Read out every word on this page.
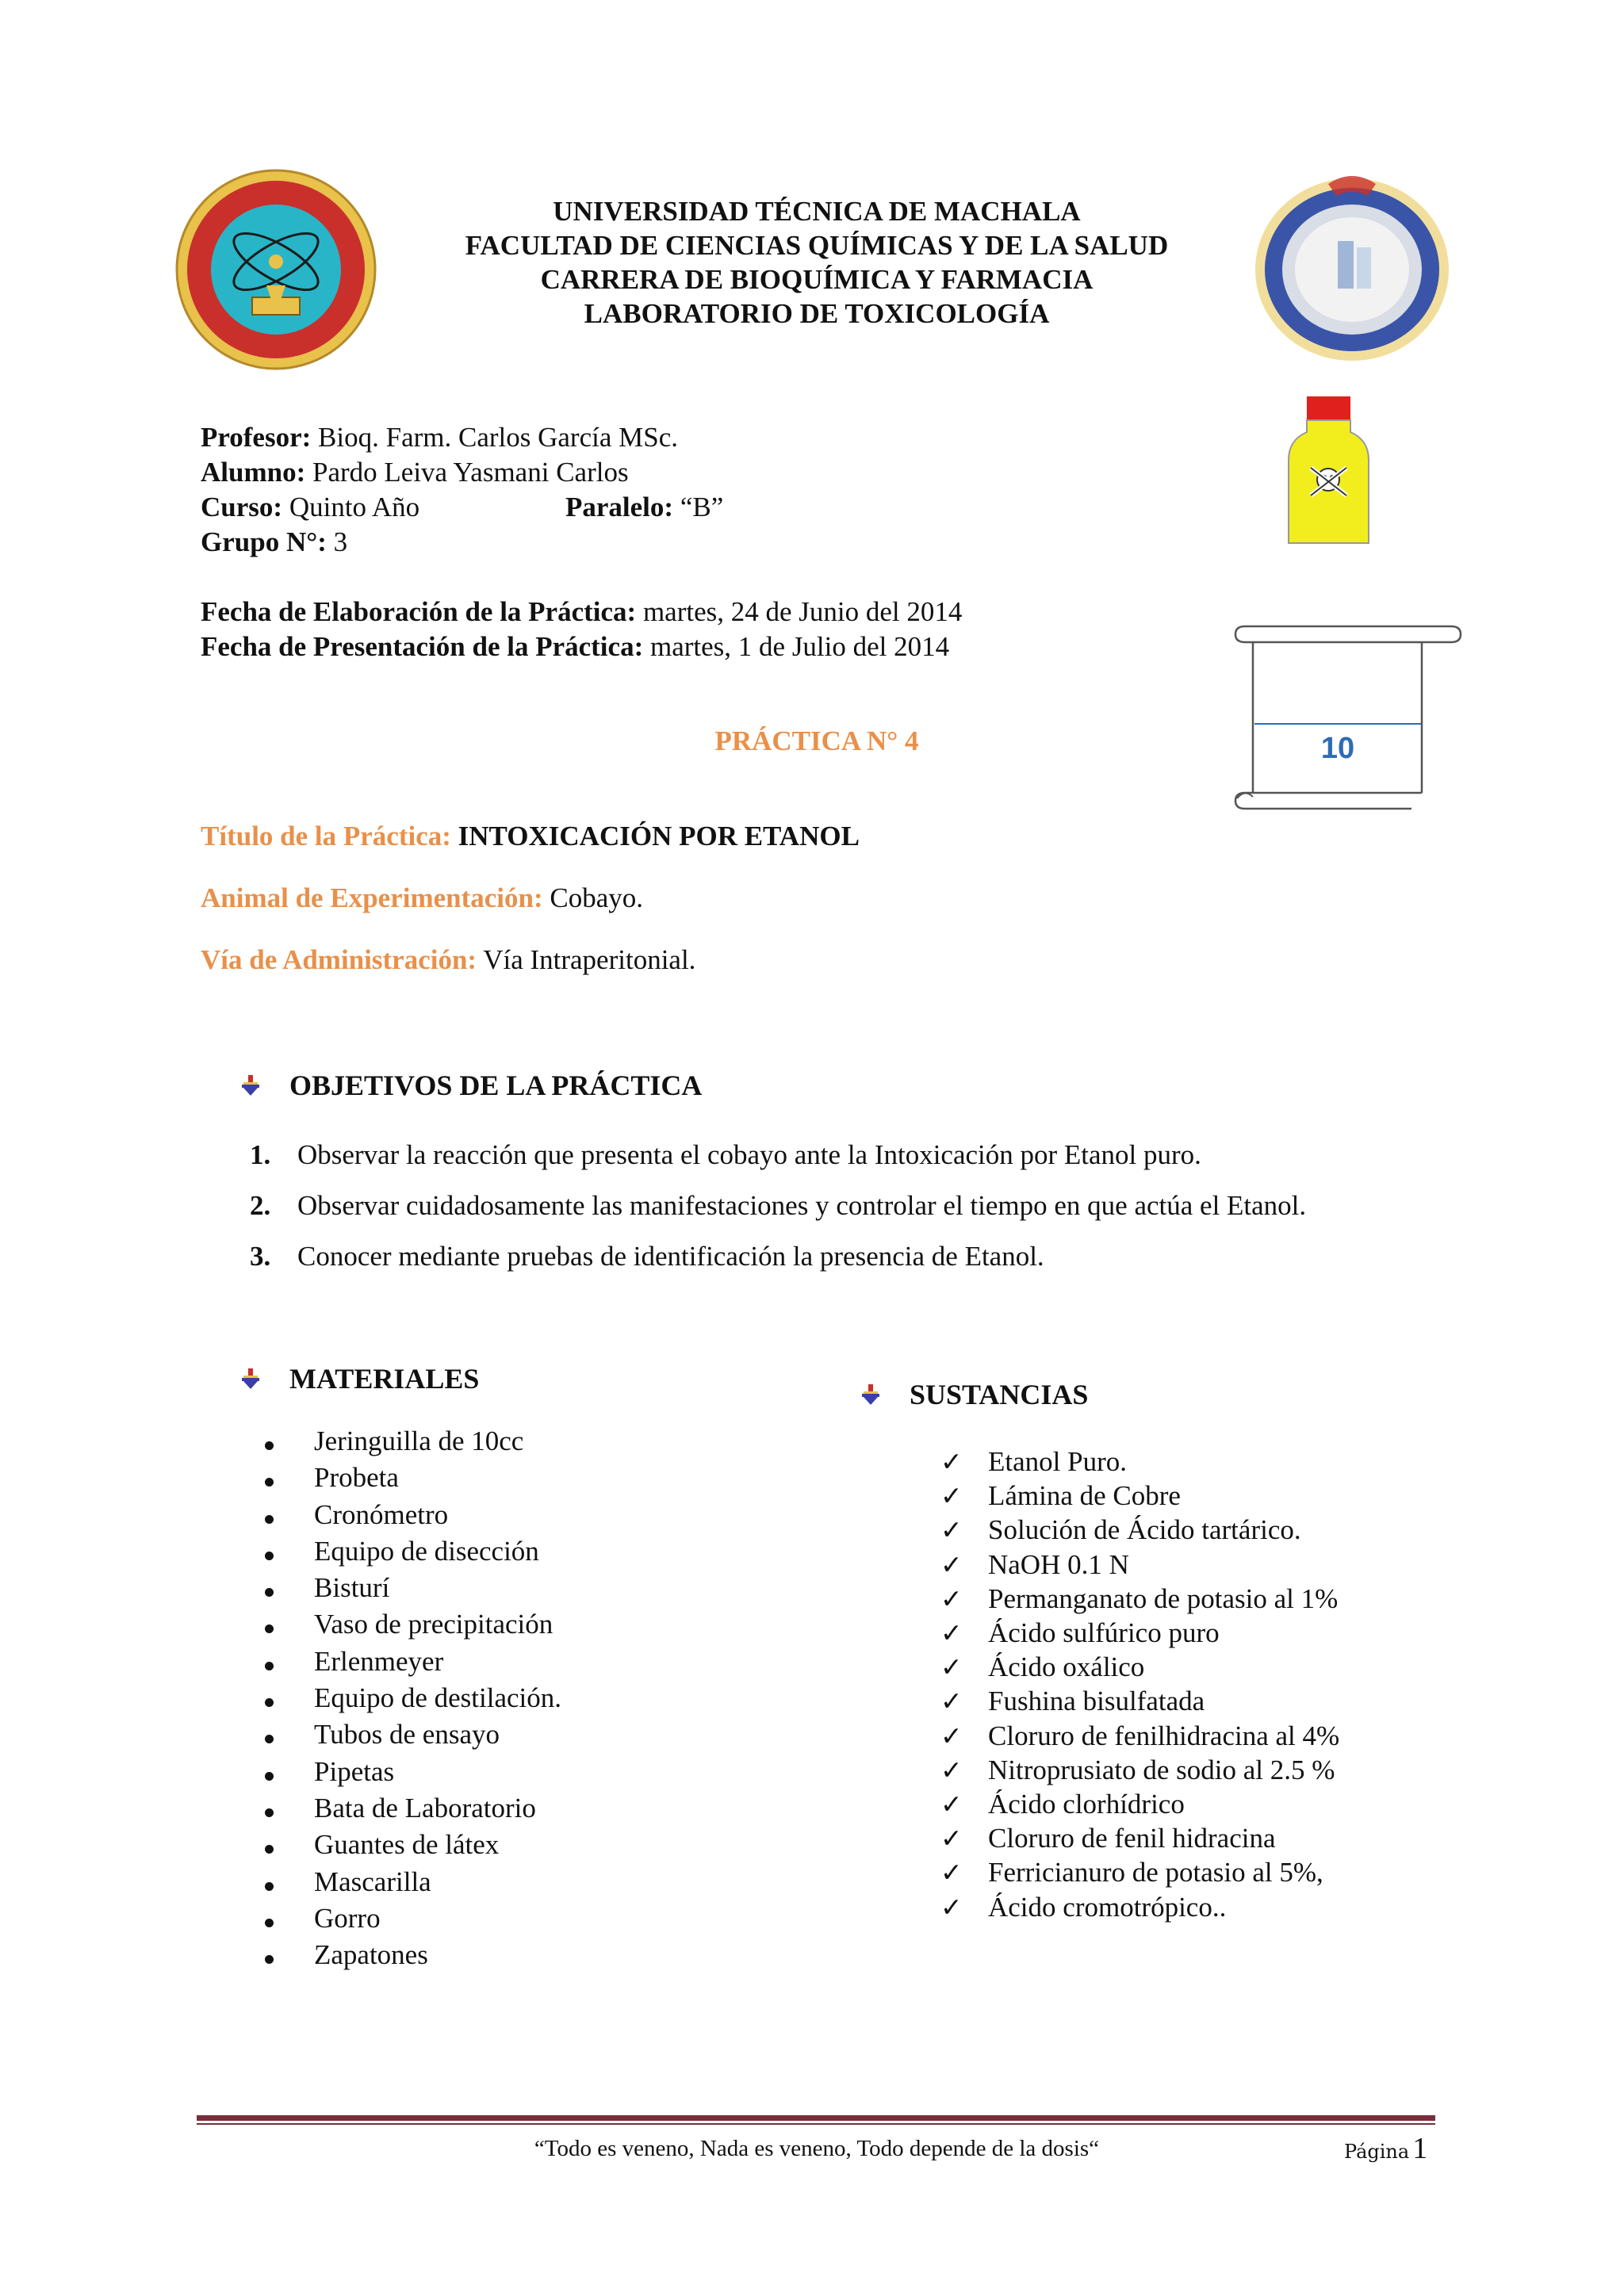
UNIVERSIDAD TÉCNICA DE MACHALA
FACULTAD DE CIENCIAS QUÍMICAS Y DE LA SALUD
CARRERA DE BIOQUÍMICA Y FARMACIA
LABORATORIO DE TOXICOLOGÍA
Profesor: Bioq. Farm. Carlos García MSc.
Alumno: Pardo Leiva Yasmani Carlos
Curso: Quinto Año	Paralelo: “B”
Grupo N°: 3
Fecha de Elaboración de la Práctica: martes, 24 de Junio del 2014
Fecha de Presentación de la Práctica: martes, 1 de Julio del 2014
10
PRÁCTICA N° 4
Título de la Práctica: INTOXICACIÓN POR ETANOL
Animal de Experimentación: Cobayo.
Vía de Administración: Vía Intraperitonial.
OBJETIVOS DE LA PRÁCTICA
1. Observar la reacción que presenta el cobayo ante la Intoxicación por Etanol puro.
2. Observar cuidadosamente las manifestaciones y controlar el tiempo en que actúa el Etanol.
3. Conocer mediante pruebas de identificación la presencia de Etanol.
MATERIALES
Jeringuilla de 10cc
Probeta
Cronómetro
Equipo de disección
Bisturí
Vaso de precipitación
Erlenmeyer
Equipo de destilación.
Tubos de ensayo
Pipetas
Bata de Laboratorio
Guantes de látex
Mascarilla
Gorro
Zapatones
SUSTANCIAS
✓ Etanol Puro.
✓ Lámina de Cobre
✓ Solución de Ácido tartárico.
✓ NaOH 0.1 N
✓ Permanganato de potasio al 1%
✓ Ácido sulfúrico puro
✓ Ácido oxálico
✓ Fushina bisulfatada
✓ Cloruro de fenilhidracina al 4%
✓ Nitroprusiato de sodio al 2.5 %
✓ Ácido clorhídrico
✓ Cloruro de fenil hidracina
✓ Ferricianuro de potasio al 5%,
✓ Ácido cromotrópico..
“Todo es veneno, Nada es veneno, Todo depende de la dosis“	Página 1
